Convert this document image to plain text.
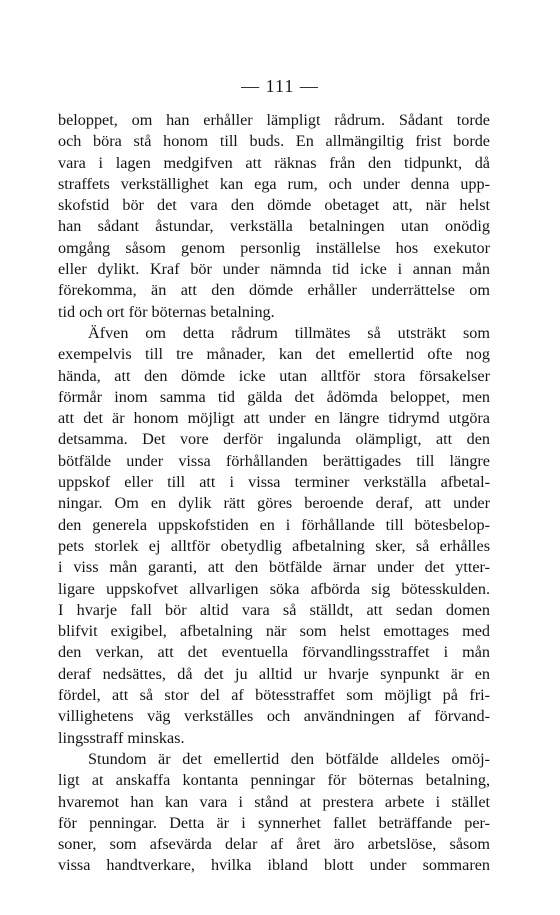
— 111 —
beloppet, om han erhåller lämpligt rådrum. Sådant torde
och böra stå honom till buds. En allmängiltig frist borde
vara i lagen medgifven att räknas från den tidpunkt, då
straffets verkställighet kan ega rum, och under denna upp-
skofstid bör det vara den dömde obetaget att, när helst
han sådant åstundar, verkställa betalningen utan onödig
omgång såsom genom personlig inställelse hos exekutor
eller dylikt. Kraf bör under nämnda tid icke i annan mån
förekomma, än att den dömde erhåller underrättelse om
tid och ort för böternas betalning.
Äfven om detta rådrum tillmätes så utsträkt som
exempelvis till tre månader, kan det emellertid ofte nog
hända, att den dömde icke utan alltför stora försakelser
förmår inom samma tid gälda det ådömda beloppet, men
att det är honom möjligt att under en längre tidrymd utgöra
detsamma. Det vore derför ingalunda olämpligt, att den
bötfälde under vissa förhållanden berättigades till längre
uppskof eller till att i vissa terminer verkställa afbetal-
ningar. Om en dylik rätt göres beroende deraf, att under
den generela uppskofstiden en i förhållande till bötesbelop-
pets storlek ej alltför obetydlig afbetalning sker, så erhålles
i viss mån garanti, att den bötfälde ärnar under det ytter-
ligare uppskofvet allvarligen söka afbörda sig bötesskulden.
I hvarje fall bör altid vara så ställdt, att sedan domen
blifvit exigibel, afbetalning när som helst emottages med
den verkan, att det eventuella förvandlingsstraffet i mån
deraf nedsättes, då det ju alltid ur hvarje synpunkt är en
fördel, att så stor del af bötesstraffet som möjligt på fri-
villighetens väg verkställes och användningen af förvand-
lingsstraff minskas.
Stundom är det emellertid den bötfälde alldeles omöj-
ligt at anskaffa kontanta penningar för böternas betalning,
hvaremot han kan vara i stånd at prestera arbete i stället
för penningar. Detta är i synnerhet fallet beträffande per-
soner, som afsevärda delar af året äro arbetslöse, såsom
vissa handtverkare, hvilka ibland blott under sommaren
